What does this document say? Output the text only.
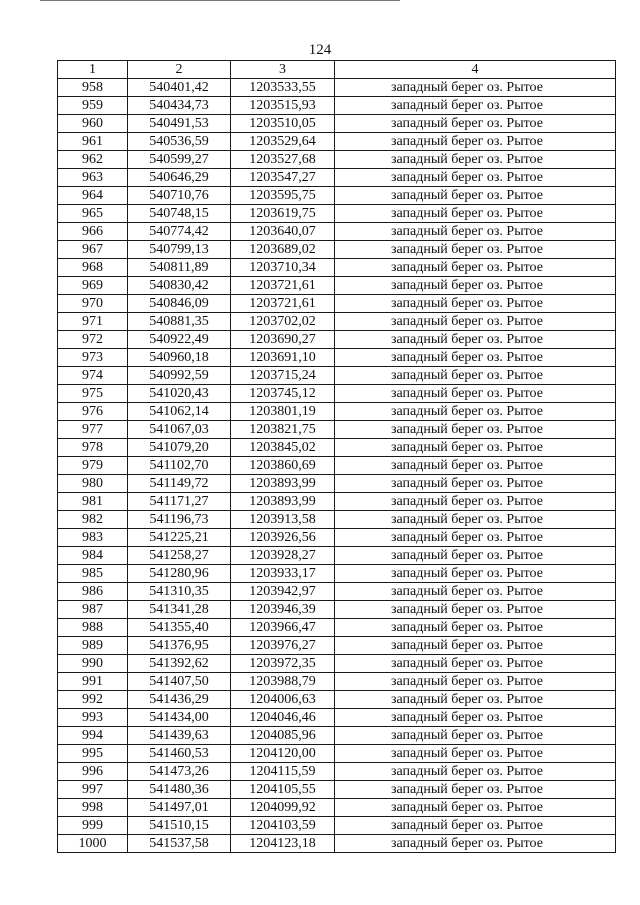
124
1	2	3	4
958	540401,42	1203533,55	западный берег оз. Рытое
959	540434,73	1203515,93	западный берег оз. Рытое
960	540491,53	1203510,05	западный берег оз. Рытое
961	540536,59	1203529,64	западный берег оз. Рытое
962	540599,27	1203527,68	западный берег оз. Рытое
963	540646,29	1203547,27	западный берег оз. Рытое
964	540710,76	1203595,75	западный берег оз. Рытое
965	540748,15	1203619,75	западный берег оз. Рытое
966	540774,42	1203640,07	западный берег оз. Рытое
967	540799,13	1203689,02	западный берег оз. Рытое
968	540811,89	1203710,34	западный берег оз. Рытое
969	540830,42	1203721,61	западный берег оз. Рытое
970	540846,09	1203721,61	западный берег оз. Рытое
971	540881,35	1203702,02	западный берег оз. Рытое
972	540922,49	1203690,27	западный берег оз. Рытое
973	540960,18	1203691,10	западный берег оз. Рытое
974	540992,59	1203715,24	западный берег оз. Рытое
975	541020,43	1203745,12	западный берег оз. Рытое
976	541062,14	1203801,19	западный берег оз. Рытое
977	541067,03	1203821,75	западный берег оз. Рытое
978	541079,20	1203845,02	западный берег оз. Рытое
979	541102,70	1203860,69	западный берег оз. Рытое
980	541149,72	1203893,99	западный берег оз. Рытое
981	541171,27	1203893,99	западный берег оз. Рытое
982	541196,73	1203913,58	западный берег оз. Рытое
983	541225,21	1203926,56	западный берег оз. Рытое
984	541258,27	1203928,27	западный берег оз. Рытое
985	541280,96	1203933,17	западный берег оз. Рытое
986	541310,35	1203942,97	западный берег оз. Рытое
987	541341,28	1203946,39	западный берег оз. Рытое
988	541355,40	1203966,47	западный берег оз. Рытое
989	541376,95	1203976,27	западный берег оз. Рытое
990	541392,62	1203972,35	западный берег оз. Рытое
991	541407,50	1203988,79	западный берег оз. Рытое
992	541436,29	1204006,63	западный берег оз. Рытое
993	541434,00	1204046,46	западный берег оз. Рытое
994	541439,63	1204085,96	западный берег оз. Рытое
995	541460,53	1204120,00	западный берег оз. Рытое
996	541473,26	1204115,59	западный берег оз. Рытое
997	541480,36	1204105,55	западный берег оз. Рытое
998	541497,01	1204099,92	западный берег оз. Рытое
999	541510,15	1204103,59	западный берег оз. Рытое
1000	541537,58	1204123,18	западный берег оз. Рытое
